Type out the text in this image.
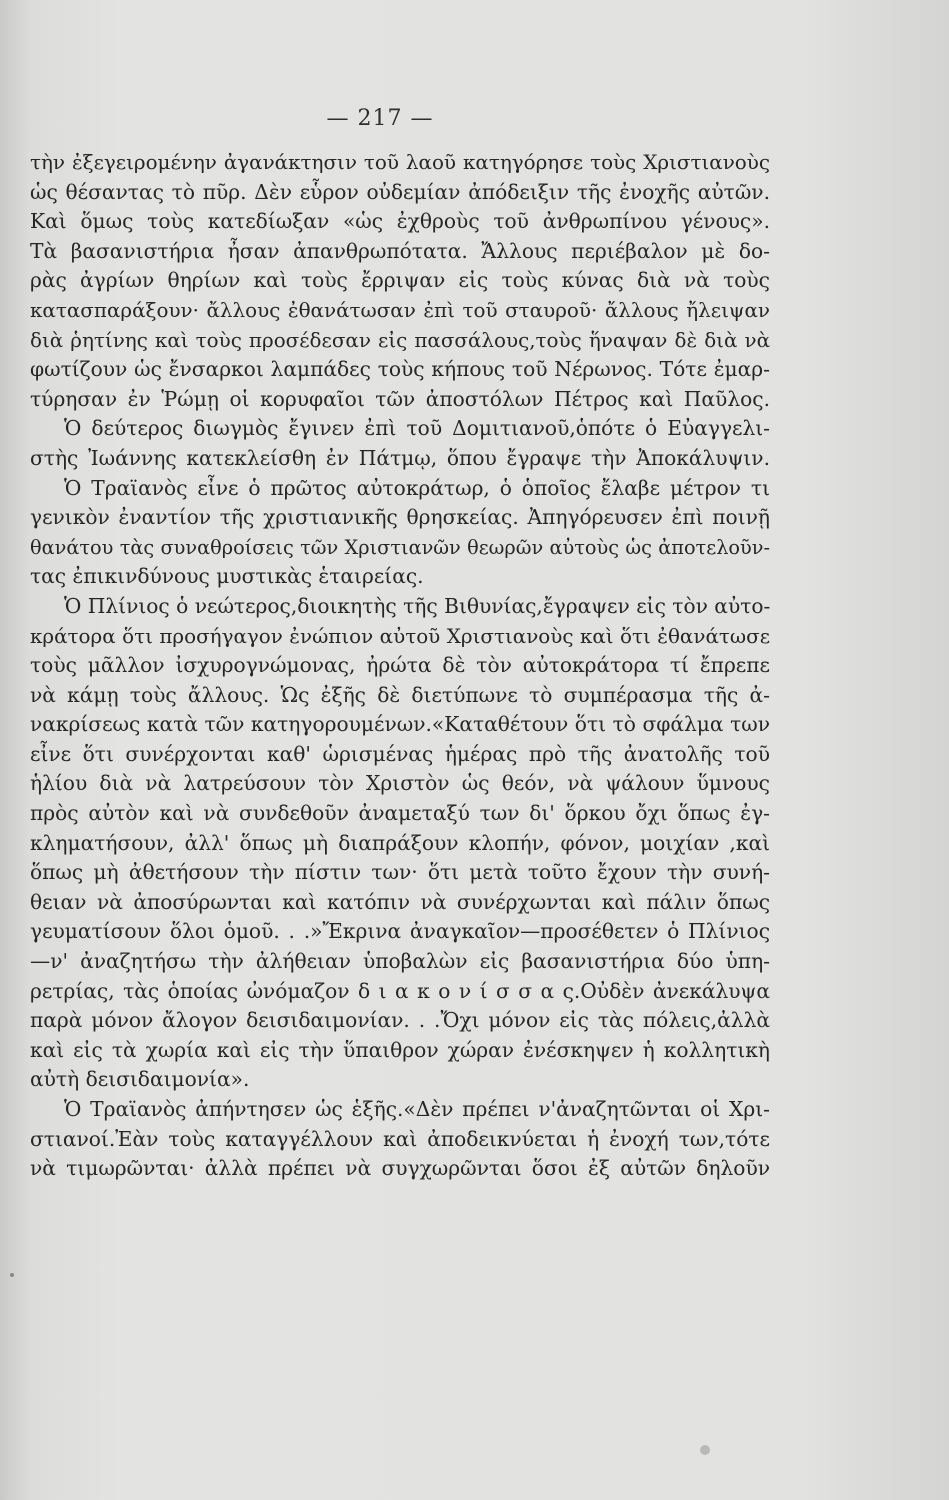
— 217 —
τὴν ἐξεγειρομένην ἀγανάκτησιν τοῦ λαοῦ κατηγόρησε τοὺς Χριστιανοὺς
ὡς θέσαντας τὸ πῦρ. Δὲν εὗρον οὐδεμίαν ἀπόδειξιν τῆς ἐνοχῆς αὐτῶν.
Καὶ ὅμως τοὺς κατεδίωξαν «ὡς ἐχθροὺς τοῦ ἀνθρωπίνου γένους».
Τὰ βασανιστήρια ἦσαν ἀπανθρωπότατα. Ἄλλους περιέβαλον μὲ δο-
ρὰς ἀγρίων θηρίων καὶ τοὺς ἔρριψαν εἰς τοὺς κύνας διὰ νὰ τοὺς
κατασπαράξουν· ἄλλους ἐθανάτωσαν ἐπὶ τοῦ σταυροῦ· ἄλλους ἤλειψαν
διὰ ῥητίνης καὶ τοὺς προσέδεσαν εἰς πασσάλους,τοὺς ἥναψαν δὲ διὰ νὰ
φωτίζουν ὡς ἔνσαρκοι λαμπάδες τοὺς κήπους τοῦ Νέρωνος. Τότε ἐμαρ-
τύρησαν ἐν Ῥώμῃ οἱ κορυφαῖοι τῶν ἀποστόλων Πέτρος καὶ Παῦλος.
Ὁ δεύτερος διωγμὸς ἔγινεν ἐπὶ τοῦ Δομιτιανοῦ,ὁπότε ὁ Εὐαγγελι-
στὴς Ἰωάννης κατεκλείσθη ἐν Πάτμῳ, ὅπου ἔγραψε τὴν Ἀποκάλυψιν.
Ὁ Τραϊανὸς εἶνε ὁ πρῶτος αὐτοκράτωρ, ὁ ὁποῖος ἔλαβε μέτρον τι
γενικὸν ἐναντίον τῆς χριστιανικῆς θρησκείας. Ἀπηγόρευσεν ἐπὶ ποινῇ
θανάτου τὰς συναθροίσεις τῶν Χριστιανῶν θεωρῶν αὐτοὺς ὡς ἀποτελοῦν-
τας ἐπικινδύνους μυστικὰς ἑταιρείας.
Ὁ Πλίνιος ὁ νεώτερος,διοικητὴς τῆς Βιθυνίας,ἔγραψεν εἰς τὸν αὐτο-
κράτορα ὅτι προσήγαγον ἐνώπιον αὐτοῦ Χριστιανοὺς καὶ ὅτι ἐθανάτωσε
τοὺς μᾶλλον ἰσχυρογνώμονας, ἠρώτα δὲ τὸν αὐτοκράτορα τί ἔπρεπε
νὰ κάμῃ τοὺς ἄλλους. Ὡς ἐξῆς δὲ διετύπωνε τὸ συμπέρασμα τῆς ἀ-
νακρίσεως κατὰ τῶν κατηγορουμένων.«Καταθέτουν ὅτι τὸ σφάλμα των
εἶνε ὅτι συνέρχονται καθ' ὡρισμένας ἡμέρας πρὸ τῆς ἀνατολῆς τοῦ
ἡλίου διὰ νὰ λατρεύσουν τὸν Χριστὸν ὡς θεόν, νὰ ψάλουν ὕμνους
πρὸς αὐτὸν καὶ νὰ συνδεθοῦν ἀναμεταξύ των δι' ὅρκου ὄχι ὅπως ἐγ-
κληματήσουν, ἀλλ' ὅπως μὴ διαπράξουν κλοπήν, φόνον, μοιχίαν ,καὶ
ὅπως μὴ ἀθετήσουν τὴν πίστιν των· ὅτι μετὰ τοῦτο ἔχουν τὴν συνή-
θειαν νὰ ἀποσύρωνται καὶ κατόπιν νὰ συνέρχωνται καὶ πάλιν ὅπως
γευματίσουν ὅλοι ὁμοῦ. . .»Ἔκρινα ἀναγκαῖον—προσέθετεν ὁ Πλίνιος
—ν' ἀναζητήσω τὴν ἀλήθειαν ὑποβαλὼν εἰς βασανιστήρια δύο ὑπη-
ρετρίας, τὰς ὁποίας ὠνόμαζον δ ι α κ ο ν ί σ σ α ς.Οὐδὲν ἀνεκάλυψα
παρὰ μόνον ἄλογον δεισιδαιμονίαν. . .Ὄχι μόνον εἰς τὰς πόλεις,ἀλλὰ
καὶ εἰς τὰ χωρία καὶ εἰς τὴν ὕπαιθρον χώραν ἐνέσκηψεν ἡ κολλητικὴ
αὐτὴ δεισιδαιμονία».
Ὁ Τραϊανὸς ἀπήντησεν ὡς ἑξῆς.«Δὲν πρέπει ν'ἀναζητῶνται οἱ Χρι-
στιανοί.Ἐὰν τοὺς καταγγέλλουν καὶ ἀποδεικνύεται ἡ ἐνοχή των,τότε
νὰ τιμωρῶνται· ἀλλὰ πρέπει νὰ συγχωρῶνται ὅσοι ἐξ αὐτῶν δηλοῦν
